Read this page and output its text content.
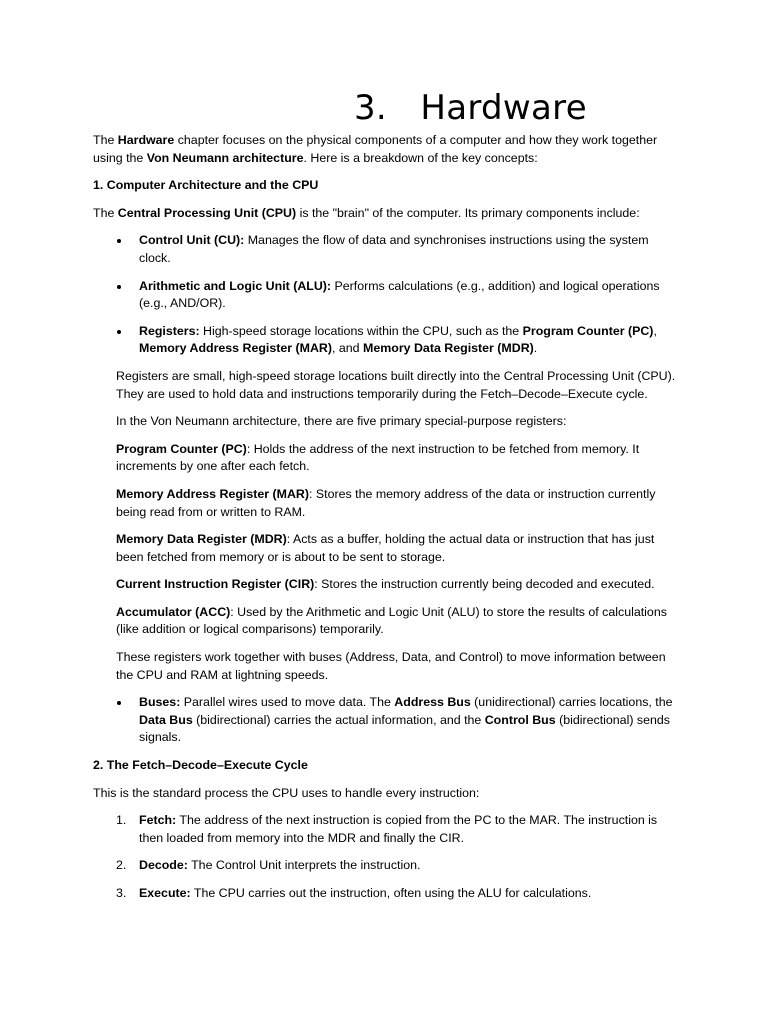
3.   Hardware

The Hardware chapter focuses on the physical components of a computer and how they work together using the Von Neumann architecture. Here is a breakdown of the key concepts:

1. Computer Architecture and the CPU

The Central Processing Unit (CPU) is the "brain" of the computer. Its primary components include:

Control Unit (CU): Manages the flow of data and synchronises instructions using the system clock.
Arithmetic and Logic Unit (ALU): Performs calculations (e.g., addition) and logical operations (e.g., AND/OR).
Registers: High-speed storage locations within the CPU, such as the Program Counter (PC), Memory Address Register (MAR), and Memory Data Register (MDR).

Registers are small, high-speed storage locations built directly into the Central Processing Unit (CPU). They are used to hold data and instructions temporarily during the Fetch–Decode–Execute cycle.

In the Von Neumann architecture, there are five primary special-purpose registers:

Program Counter (PC): Holds the address of the next instruction to be fetched from memory. It increments by one after each fetch.

Memory Address Register (MAR): Stores the memory address of the data or instruction currently being read from or written to RAM.

Memory Data Register (MDR): Acts as a buffer, holding the actual data or instruction that has just been fetched from memory or is about to be sent to storage.

Current Instruction Register (CIR): Stores the instruction currently being decoded and executed.

Accumulator (ACC): Used by the Arithmetic and Logic Unit (ALU) to store the results of calculations (like addition or logical comparisons) temporarily.

These registers work together with buses (Address, Data, and Control) to move information between the CPU and RAM at lightning speeds.

Buses: Parallel wires used to move data. The Address Bus (unidirectional) carries locations, the Data Bus (bidirectional) carries the actual information, and the Control Bus (bidirectional) sends signals.
2. The Fetch–Decode–Execute Cycle

This is the standard process the CPU uses to handle every instruction:

1. Fetch: The address of the next instruction is copied from the PC to the MAR. The instruction is then loaded from memory into the MDR and finally the CIR.
2. Decode: The Control Unit interprets the instruction.
3. Execute: The CPU carries out the instruction, often using the ALU for calculations.
